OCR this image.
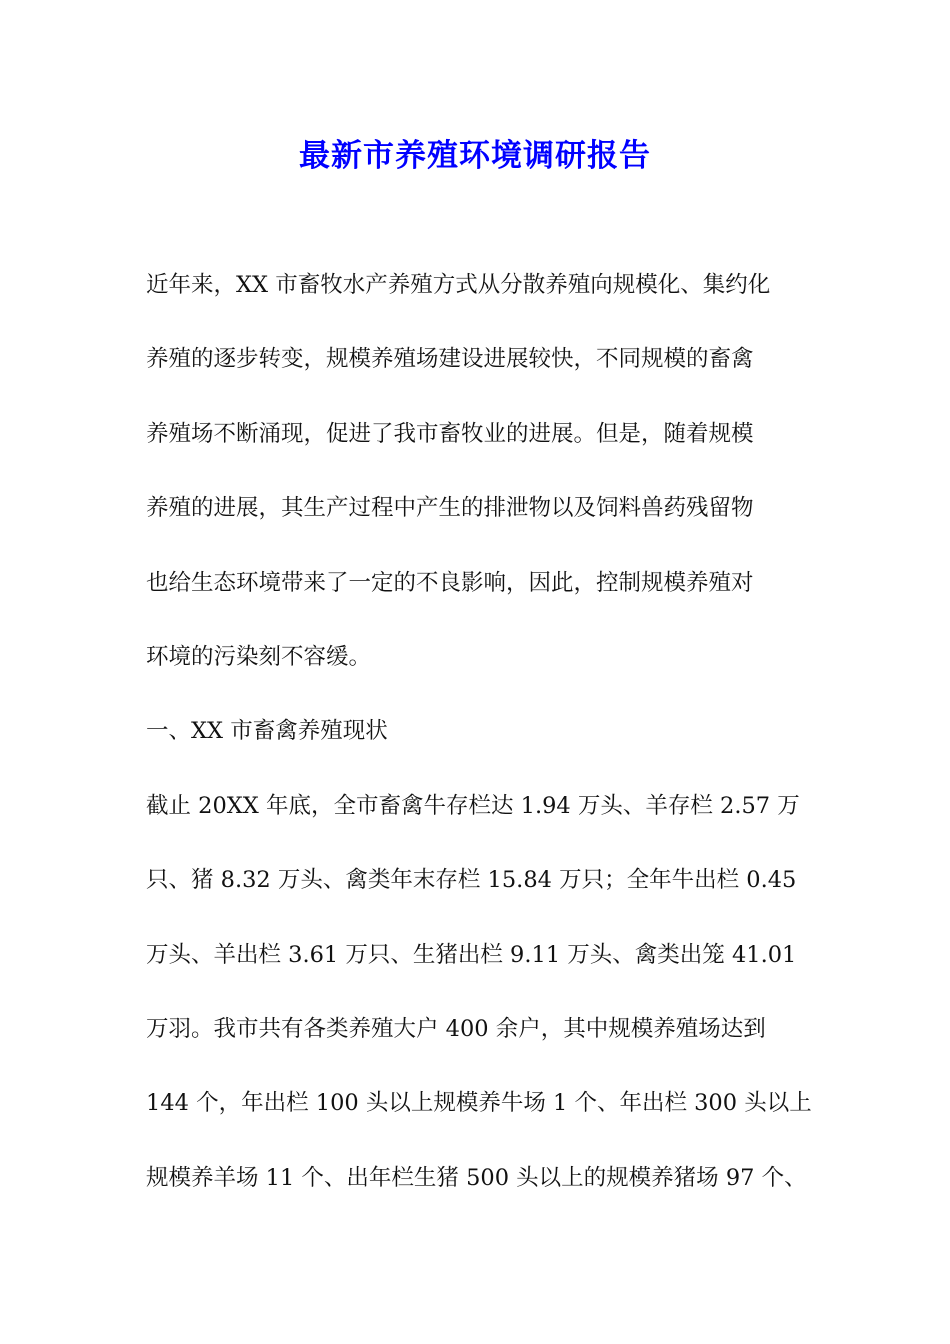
最新市养殖环境调研报告
近年来，XX 市畜牧水产养殖方式从分散养殖向规模化、集约化
养殖的逐步转变，规模养殖场建设进展较快，不同规模的畜禽
养殖场不断涌现，促进了我市畜牧业的进展。但是，随着规模
养殖的进展，其生产过程中产生的排泄物以及饲料兽药残留物
也给生态环境带来了一定的不良影响，因此，控制规模养殖对
环境的污染刻不容缓。
一、XX 市畜禽养殖现状
截止 20XX 年底，全市畜禽牛存栏达 1.94 万头、羊存栏 2.57 万
只、猪 8.32 万头、禽类年末存栏 15.84 万只；全年牛出栏 0.45
万头、羊出栏 3.61 万只、生猪出栏 9.11 万头、禽类出笼 41.01
万羽。我市共有各类养殖大户 400 余户，其中规模养殖场达到
144 个，年出栏 100 头以上规模养牛场 1 个、年出栏 300 头以上
规模养羊场 11 个、出年栏生猪 500 头以上的规模养猪场 97 个、
